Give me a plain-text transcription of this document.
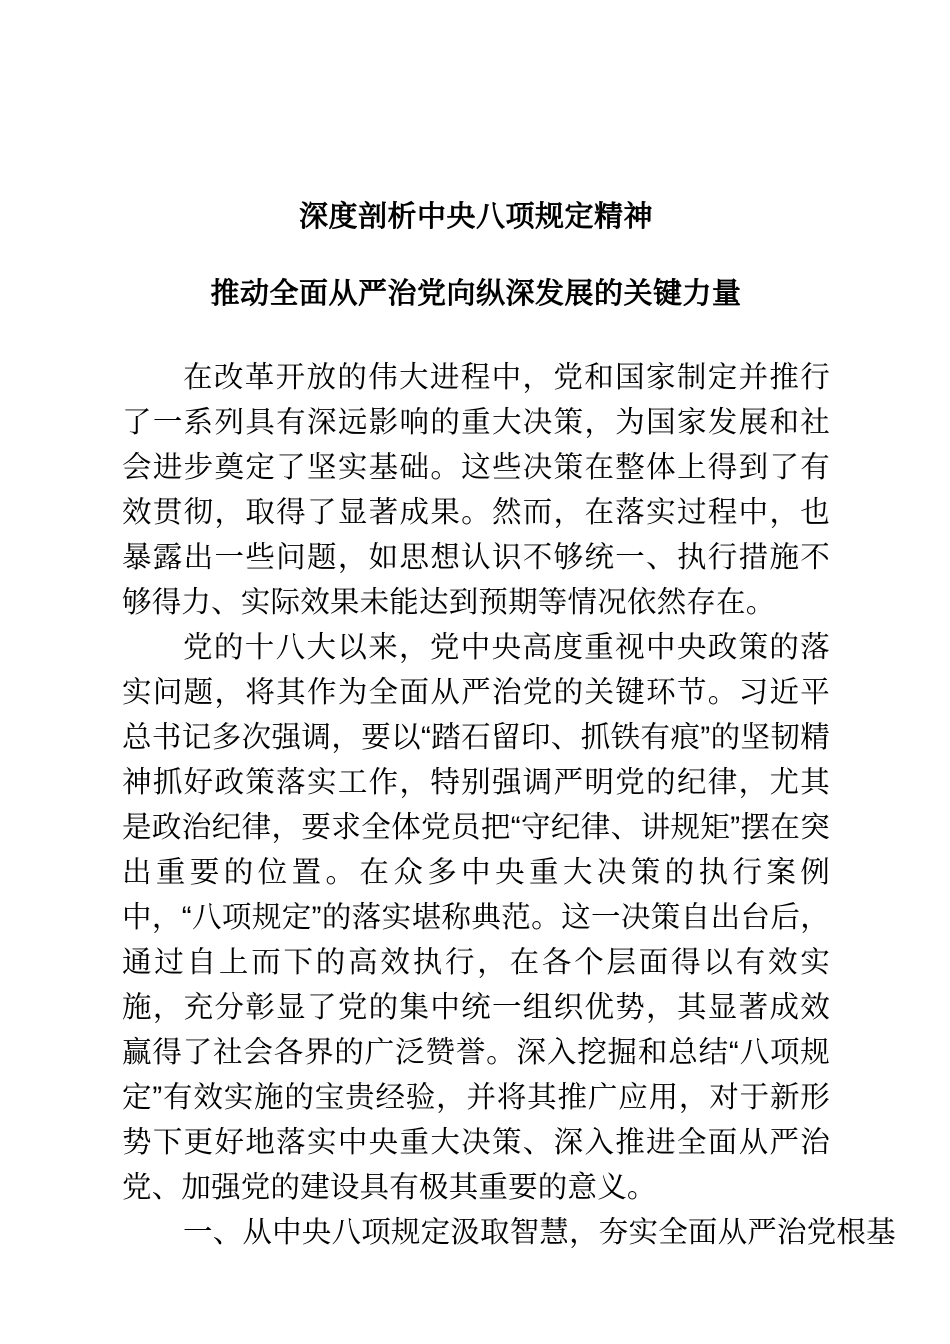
深度剖析中央八项规定精神
推动全面从严治党向纵深发展的关键力量

在改革开放的伟大进程中，党和国家制定并推行了一系列具有深远影响的重大决策，为国家发展和社会进步奠定了坚实基础。这些决策在整体上得到了有效贯彻，取得了显著成果。然而，在落实过程中，也暴露出一些问题，如思想认识不够统一、执行措施不够得力、实际效果未能达到预期等情况依然存在。

党的十八大以来，党中央高度重视中央政策的落实问题，将其作为全面从严治党的关键环节。习近平总书记多次强调，要以“踏石留印、抓铁有痕”的坚韧精神抓好政策落实工作，特别强调严明党的纪律，尤其是政治纪律，要求全体党员把“守纪律、讲规矩”摆在突出重要的位置。在众多中央重大决策的执行案例中，“八项规定”的落实堪称典范。这一决策自出台后，通过自上而下的高效执行，在各个层面得以有效实施，充分彰显了党的集中统一组织优势，其显著成效赢得了社会各界的广泛赞誉。深入挖掘和总结“八项规定”有效实施的宝贵经验，并将其推广应用，对于新形势下更好地落实中央重大决策、深入推进全面从严治党、加强党的建设具有极其重要的意义。

一、从中央八项规定汲取智慧，夯实全面从严治党根基
